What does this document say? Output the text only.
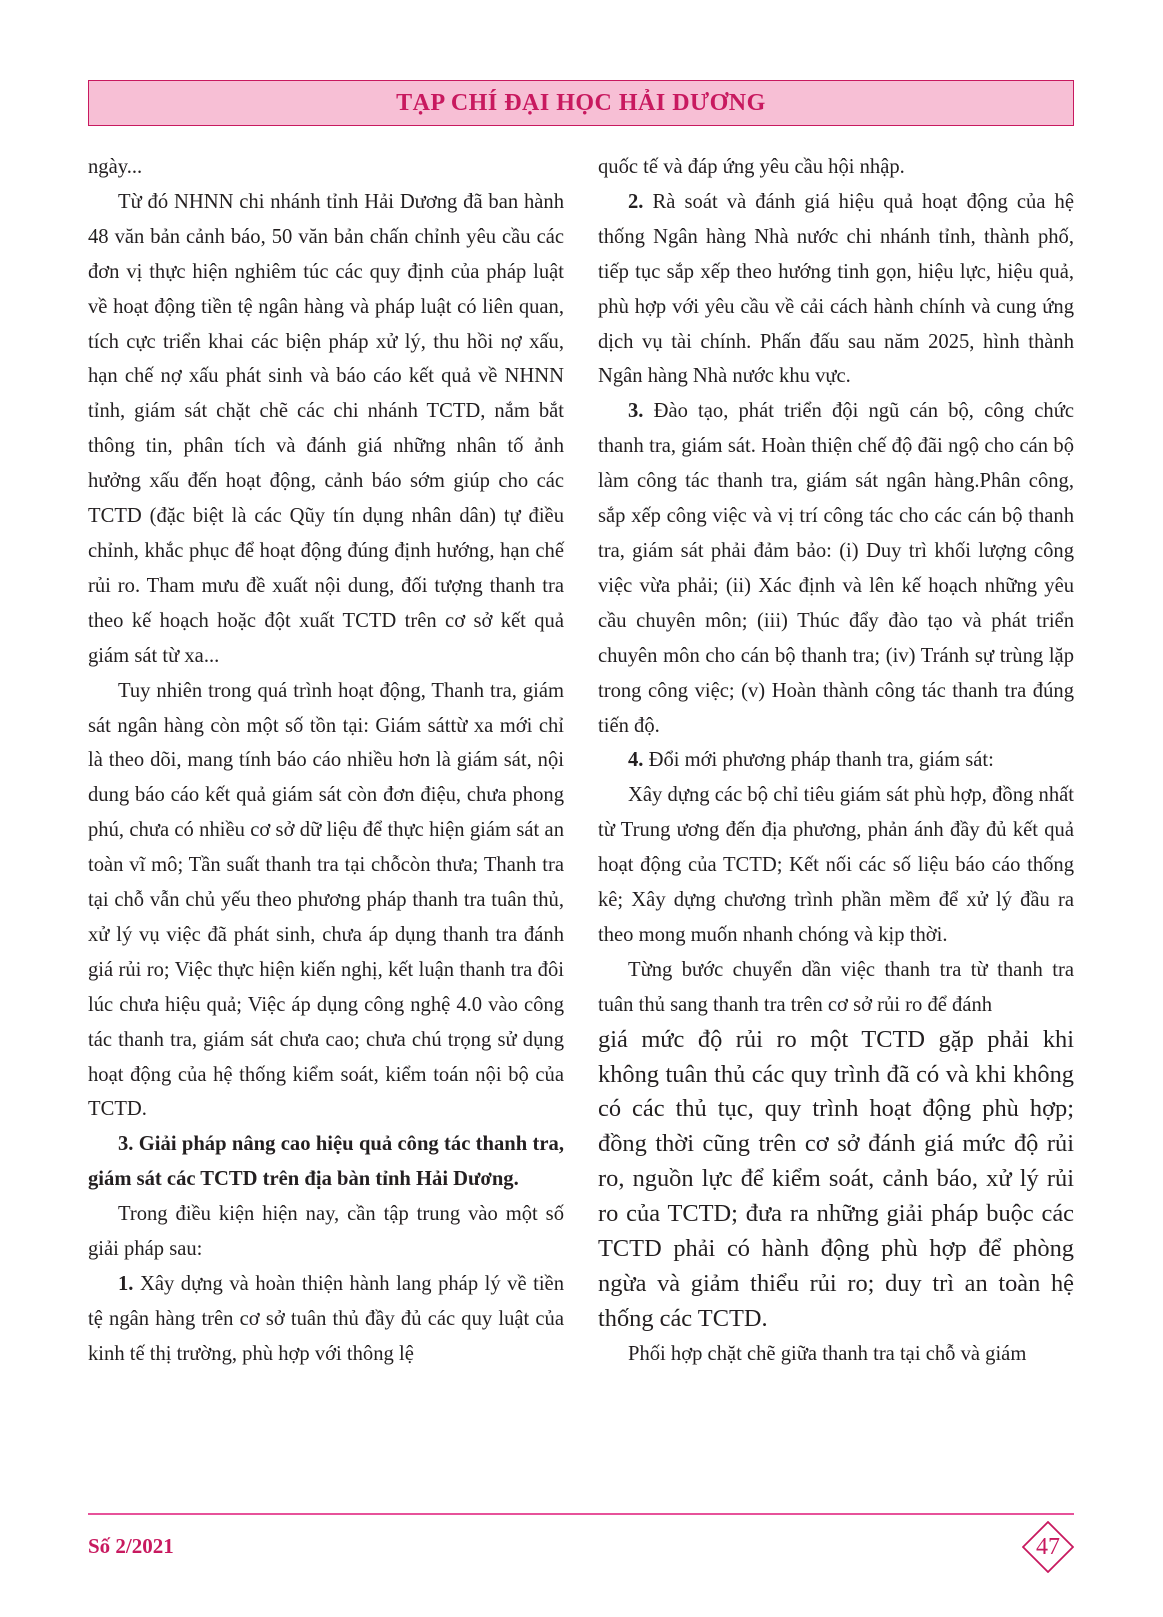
TẠP CHÍ ĐẠI HỌC HẢI DƯƠNG

ngày...

Từ đó NHNN chi nhánh tỉnh Hải Dương đã ban hành 48 văn bản cảnh báo, 50 văn bản chấn chỉnh yêu cầu các đơn vị thực hiện nghiêm túc các quy định của pháp luật về hoạt động tiền tệ ngân hàng và pháp luật có liên quan, tích cực triển khai các biện pháp xử lý, thu hồi nợ xấu, hạn chế nợ xấu phát sinh và báo cáo kết quả về NHNN tỉnh, giám sát chặt chẽ các chi nhánh TCTD, nắm bắt thông tin, phân tích và đánh giá những nhân tố ảnh hưởng xấu đến hoạt động, cảnh báo sớm giúp cho các TCTD (đặc biệt là các Qũy tín dụng nhân dân) tự điều chỉnh, khắc phục để hoạt động đúng định hướng, hạn chế rủi ro. Tham mưu đề xuất nội dung, đối tượng thanh tra theo kế hoạch hoặc đột xuất TCTD trên cơ sở kết quả giám sát từ xa...

Tuy nhiên trong quá trình hoạt động, Thanh tra, giám sát ngân hàng còn một số tồn tại: Giám sáttừ xa mới chỉ là theo dõi, mang tính báo cáo nhiều hơn là giám sát, nội dung báo cáo kết quả giám sát còn đơn điệu, chưa phong phú, chưa có nhiều cơ sở dữ liệu để thực hiện giám sát an toàn vĩ mô; Tần suất thanh tra tại chỗcòn thưa; Thanh tra tại chỗ vẫn chủ yếu theo phương pháp thanh tra tuân thủ, xử lý vụ việc đã phát sinh, chưa áp dụng thanh tra đánh giá rủi ro; Việc thực hiện kiến nghị, kết luận thanh tra đôi lúc chưa hiệu quả; Việc áp dụng công nghệ 4.0 vào công tác thanh tra, giám sát chưa cao; chưa chú trọng sử dụng hoạt động của hệ thống kiểm soát, kiểm toán nội bộ của TCTD.

3. Giải pháp nâng cao hiệu quả công tác thanh tra, giám sát các TCTD trên địa bàn tỉnh Hải Dương.

Trong điều kiện hiện nay, cần tập trung vào một số giải pháp sau:

1. Xây dựng và hoàn thiện hành lang pháp lý về tiền tệ ngân hàng trên cơ sở tuân thủ đầy đủ các quy luật của kinh tế thị trường, phù hợp với thông lệ

quốc tế và đáp ứng yêu cầu hội nhập.

2. Rà soát và đánh giá hiệu quả hoạt động của hệ thống Ngân hàng Nhà nước chi nhánh tỉnh, thành phố, tiếp tục sắp xếp theo hướng tinh gọn, hiệu lực, hiệu quả, phù hợp với yêu cầu về cải cách hành chính và cung ứng dịch vụ tài chính. Phấn đấu sau năm 2025, hình thành Ngân hàng Nhà nước khu vực.

3. Đào tạo, phát triển đội ngũ cán bộ, công chức thanh tra, giám sát. Hoàn thiện chế độ đãi ngộ cho cán bộ làm công tác thanh tra, giám sát ngân hàng.Phân công, sắp xếp công việc và vị trí công tác cho các cán bộ thanh tra, giám sát phải đảm bảo: (i) Duy trì khối lượng công việc vừa phải; (ii) Xác định và lên kế hoạch những yêu cầu chuyên môn; (iii) Thúc đẩy đào tạo và phát triển chuyên môn cho cán bộ thanh tra; (iv) Tránh sự trùng lặp trong công việc; (v) Hoàn thành công tác thanh tra đúng tiến độ.

4. Đổi mới phương pháp thanh tra, giám sát:

Xây dựng các bộ chỉ tiêu giám sát phù hợp, đồng nhất từ Trung ương đến địa phương, phản ánh đầy đủ kết quả hoạt động của TCTD; Kết nối các số liệu báo cáo thống kê; Xây dựng chương trình phần mềm để xử lý đầu ra theo mong muốn nhanh chóng và kịp thời.

Từng bước chuyển dần việc thanh tra từ thanh tra tuân thủ sang thanh tra trên cơ sở rủi ro để đánh

giá mức độ rủi ro một TCTD gặp phải khi không tuân thủ các quy trình đã có và khi không có các thủ tục, quy trình hoạt động phù hợp; đồng thời cũng trên cơ sở đánh giá mức độ rủi ro, nguồn lực để kiểm soát, cảnh báo, xử lý rủi ro của TCTD; đưa ra những giải pháp buộc các TCTD phải có hành động phù hợp để phòng ngừa và giảm thiểu rủi ro; duy trì an toàn hệ thống các TCTD.

Phối hợp chặt chẽ giữa thanh tra tại chỗ và giám

Số 2/2021	47
